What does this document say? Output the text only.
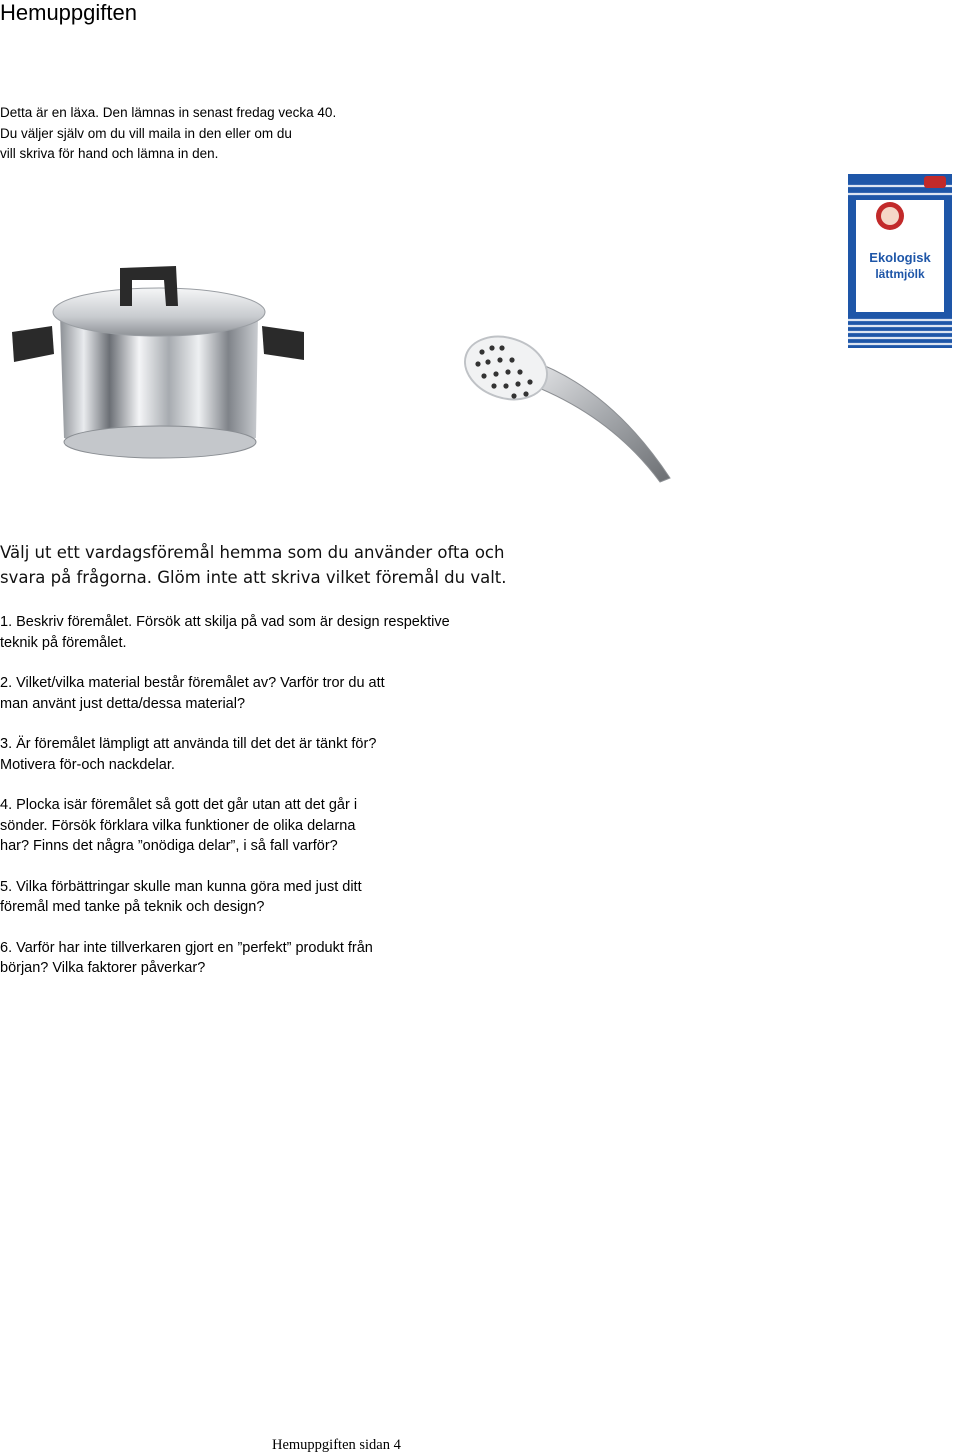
Hemuppgiften
Detta är en läxa. Den lämnas in senast fredag vecka 40.
Du väljer själv om du vill maila in den eller om du
vill skriva för hand och lämna in den.
Ekologisk
lättmjölk
Välj ut ett vardagsföremål hemma som du använder ofta och
svara på frågorna. Glöm inte att skriva vilket föremål du valt.
1. Beskriv föremålet. Försök att skilja på vad som är design respektive
teknik på föremålet.
2. Vilket/vilka material består föremålet av? Varför tror du att
man använt just detta/dessa material?
3. Är föremålet lämpligt att använda till det det är tänkt för?
Motivera för-och nackdelar.
4. Plocka isär föremålet så gott det går utan att det går i
sönder. Försök förklara vilka funktioner de olika delarna
har? Finns det några ”onödiga delar”, i så fall varför?
5. Vilka förbättringar skulle man kunna göra med just ditt
föremål med tanke på teknik och design?
6. Varför har inte tillverkaren gjort en ”perfekt” produkt från
början? Vilka faktorer påverkar?
Hemuppgiften sidan 4
